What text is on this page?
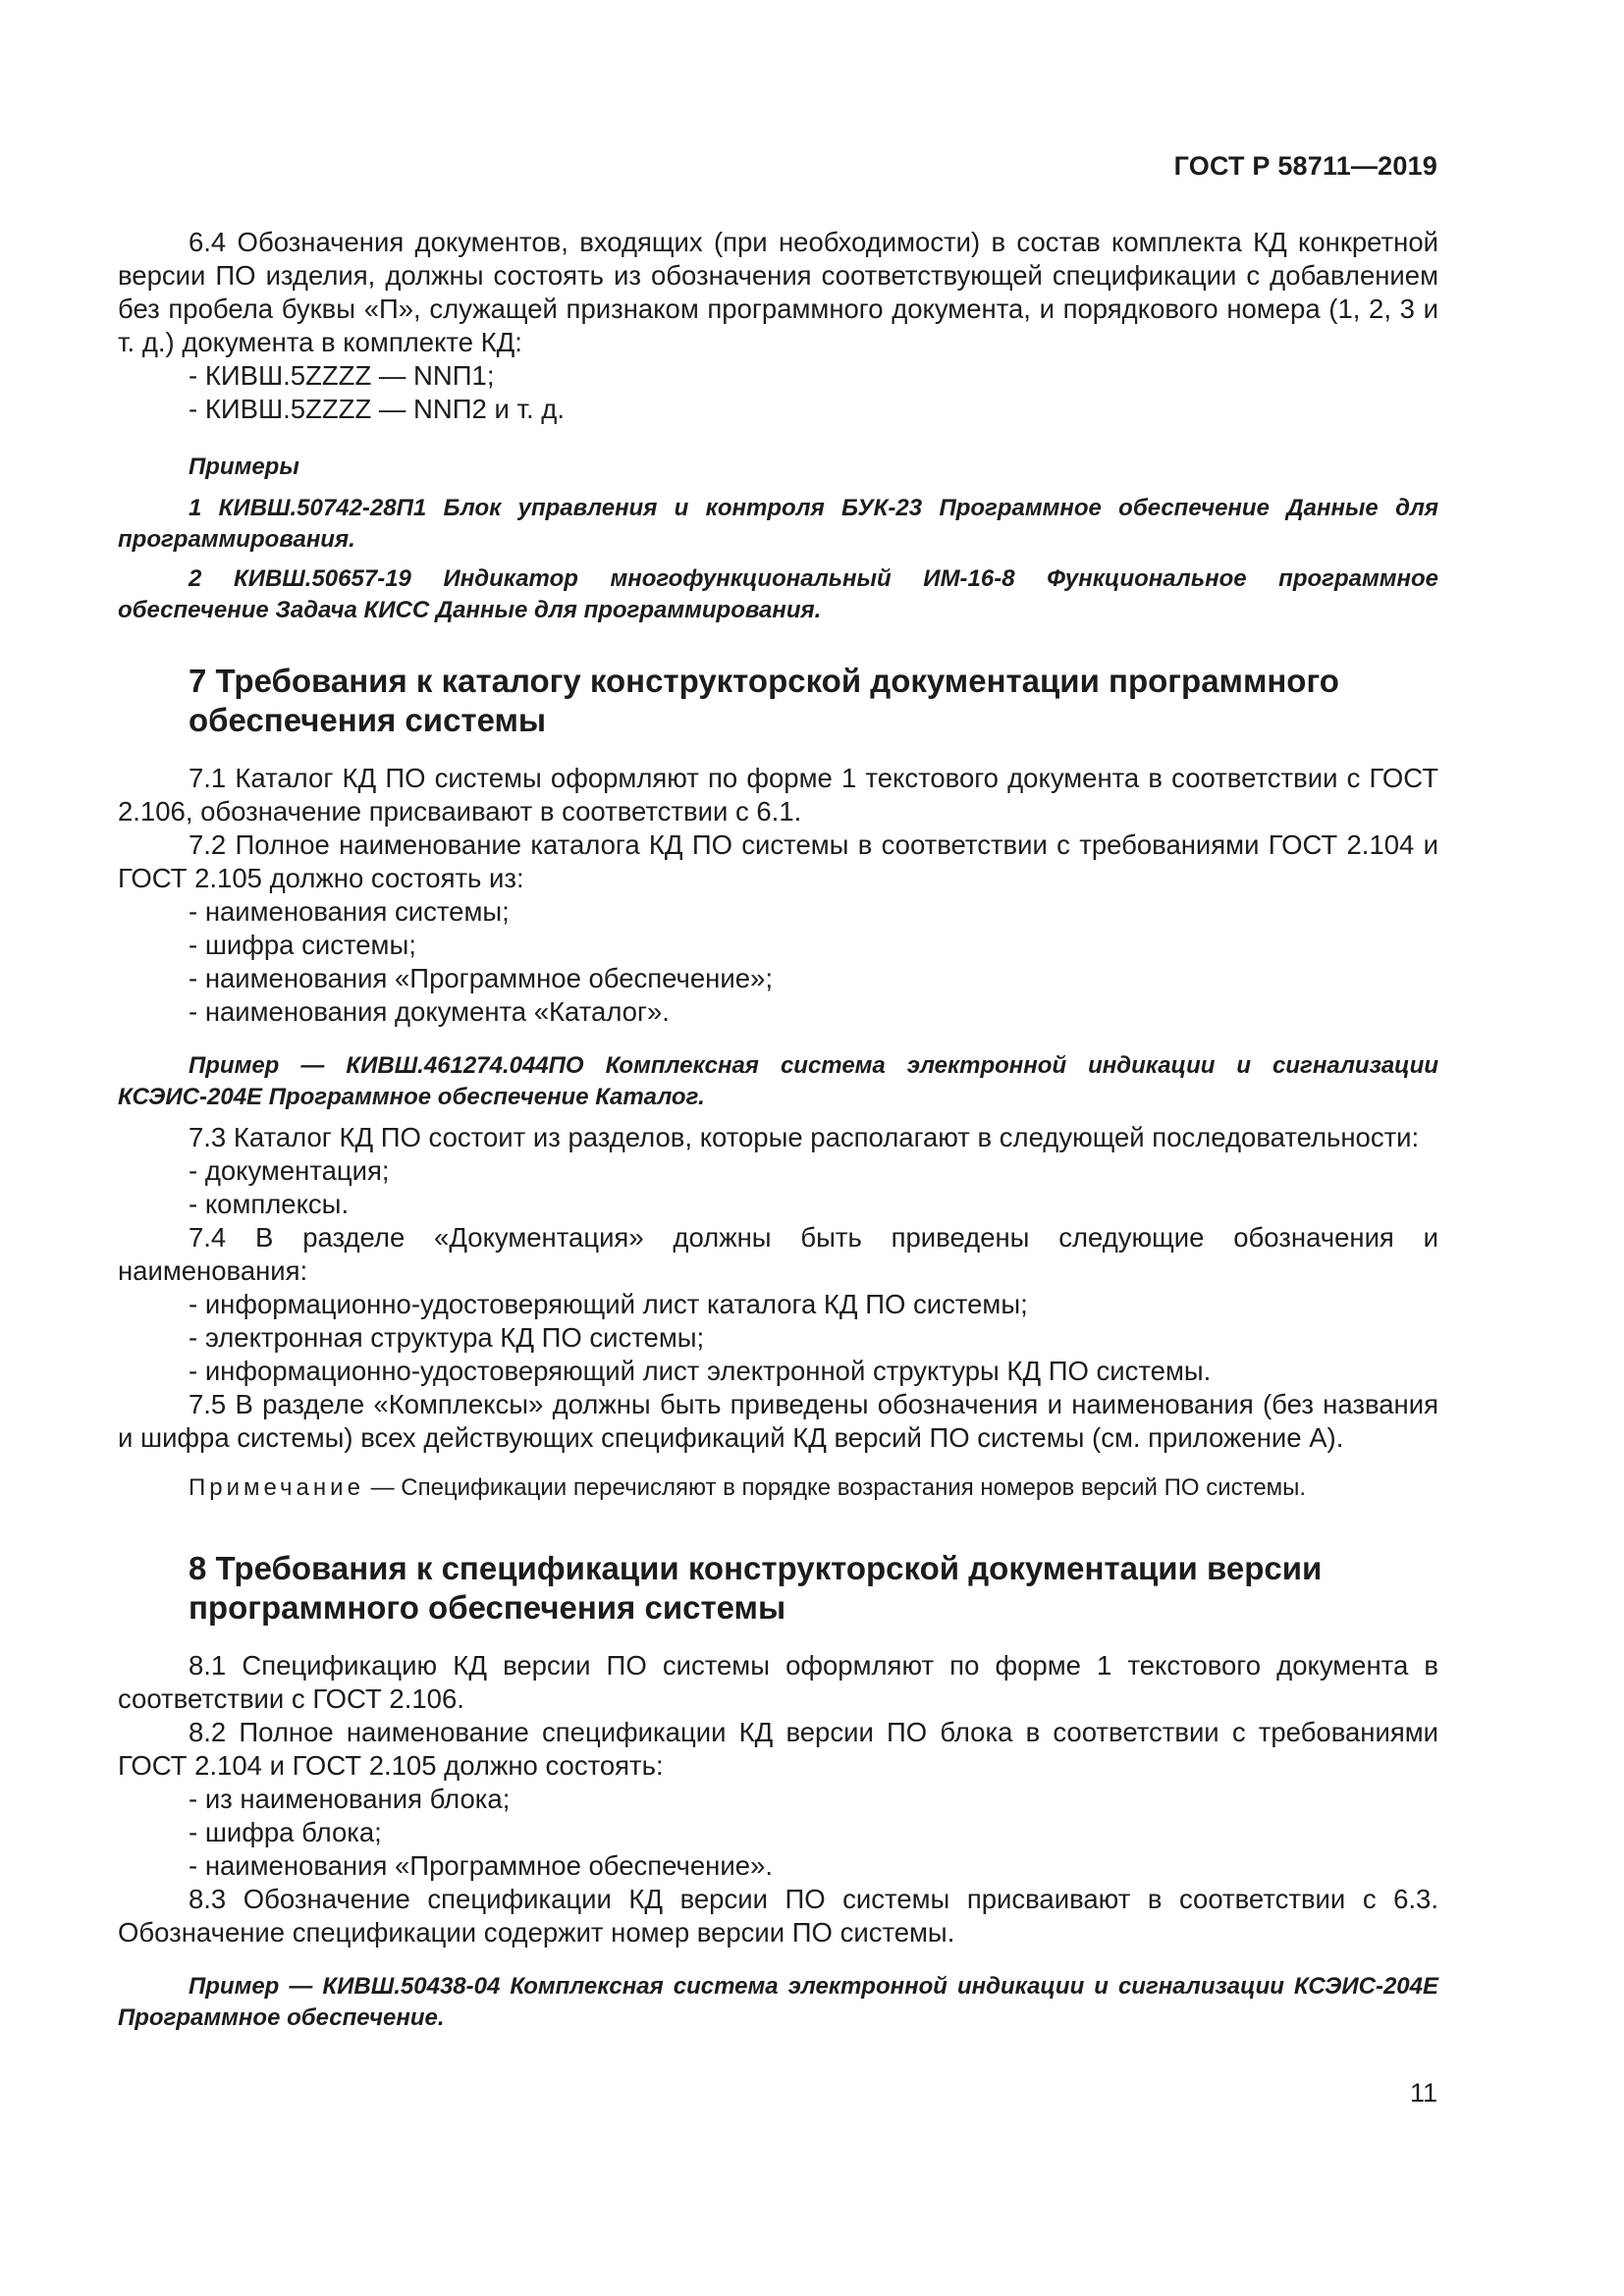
ГОСТ Р 58711—2019

6.4 Обозначения документов, входящих (при необходимости) в состав комплекта КД конкретной версии ПО изделия, должны состоять из обозначения соответствующей спецификации с добавлением без пробела буквы «П», служащей признаком программного документа, и порядкового номера (1, 2, 3 и т. д.) документа в комплекте КД:

- КИВШ.5ZZZZ — NNП1;
- КИВШ.5ZZZZ — NNП2 и т. д.
Примеры

1 КИВШ.50742-28П1 Блок управления и контроля БУК-23 Программное обеспечение Данные для программирования.

2 КИВШ.50657-19 Индикатор многофункциональный ИМ-16-8 Функциональное программное обеспечение Задача КИСС Данные для программирования.

7 Требования к каталогу конструкторской документации программного обеспечения системы

7.1 Каталог КД ПО системы оформляют по форме 1 текстового документа в соответствии с ГОСТ 2.106, обозначение присваивают в соответствии с 6.1.

7.2 Полное наименование каталога КД ПО системы в соответствии с требованиями ГОСТ 2.104 и ГОСТ 2.105 должно состоять из:

- наименования системы;
- шифра системы;
- наименования «Программное обеспечение»;
- наименования документа «Каталог».

Пример — КИВШ.461274.044ПО Комплексная система электронной индикации и сигнализации КСЭИС-204Е Программное обеспечение Каталог.

7.3 Каталог КД ПО состоит из разделов, которые располагают в следующей последовательности:

- документация;
- комплексы.

7.4 В разделе «Документация» должны быть приведены следующие обозначения и наименования:

- информационно-удостоверяющий лист каталога КД ПО системы;
- электронная структура КД ПО системы;
- информационно-удостоверяющий лист электронной структуры КД ПО системы.

7.5 В разделе «Комплексы» должны быть приведены обозначения и наименования (без названия и шифра системы) всех действующих спецификаций КД версий ПО системы (см. приложение А).

Примечание — Спецификации перечисляют в порядке возрастания номеров версий ПО системы.

8 Требования к спецификации конструкторской документации версии программного обеспечения системы

8.1 Спецификацию КД версии ПО системы оформляют по форме 1 текстового документа в соответствии с ГОСТ 2.106.

8.2 Полное наименование спецификации КД версии ПО блока в соответствии с требованиями ГОСТ 2.104 и ГОСТ 2.105 должно состоять:

- из наименования блока;
- шифра блока;
- наименования «Программное обеспечение».

8.3 Обозначение спецификации КД версии ПО системы присваивают в соответствии с 6.3. Обозначение спецификации содержит номер версии ПО системы.

Пример — КИВШ.50438-04 Комплексная система электронной индикации и сигнализации КСЭИС-204Е Программное обеспечение.

11
